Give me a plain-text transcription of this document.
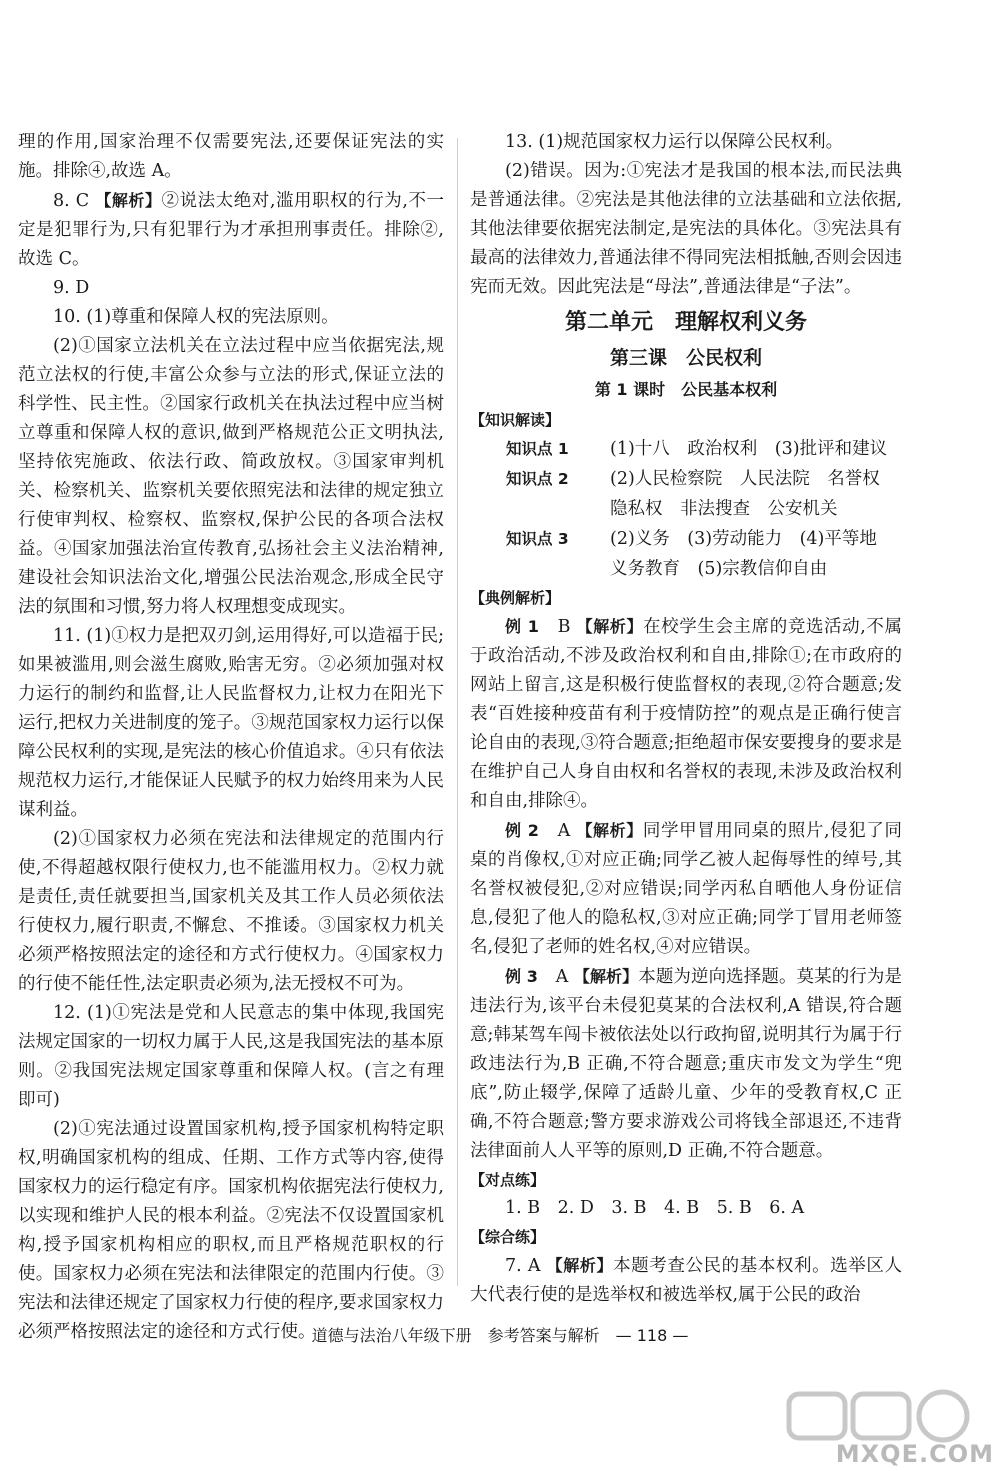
理的作用,国家治理不仅需要宪法,还要保证宪法的实施。排除④,故选 A。

8. C 【解析】②说法太绝对,滥用职权的行为,不一定是犯罪行为,只有犯罪行为才承担刑事责任。排除②,故选 C。

9. D

10. (1)尊重和保障人权的宪法原则。

(2)①国家立法机关在立法过程中应当依据宪法,规范立法权的行使,丰富公众参与立法的形式,保证立法的科学性、民主性。②国家行政机关在执法过程中应当树立尊重和保障人权的意识,做到严格规范公正文明执法,坚持依宪施政、依法行政、简政放权。③国家审判机关、检察机关、监察机关要依照宪法和法律的规定独立行使审判权、检察权、监察权,保护公民的各项合法权益。④国家加强法治宣传教育,弘扬社会主义法治精神,建设社会知识法治文化,增强公民法治观念,形成全民守法的氛围和习惯,努力将人权理想变成现实。

11. (1)①权力是把双刃剑,运用得好,可以造福于民;如果被滥用,则会滋生腐败,贻害无穷。②必须加强对权力运行的制约和监督,让人民监督权力,让权力在阳光下运行,把权力关进制度的笼子。③规范国家权力运行以保障公民权利的实现,是宪法的核心价值追求。④只有依法规范权力运行,才能保证人民赋予的权力始终用来为人民谋利益。

(2)①国家权力必须在宪法和法律规定的范围内行使,不得超越权限行使权力,也不能滥用权力。②权力就是责任,责任就要担当,国家机关及其工作人员必须依法行使权力,履行职责,不懈怠、不推诿。③国家权力机关必须严格按照法定的途径和方式行使权力。④国家权力的行使不能任性,法定职责必须为,法无授权不可为。

12. (1)①宪法是党和人民意志的集中体现,我国宪法规定国家的一切权力属于人民,这是我国宪法的基本原则。②我国宪法规定国家尊重和保障人权。(言之有理即可)

(2)①宪法通过设置国家机构,授予国家机构特定职权,明确国家机构的组成、任期、工作方式等内容,使得国家权力的运行稳定有序。国家机构依据宪法行使权力,以实现和维护人民的根本利益。②宪法不仅设置国家机构,授予国家机构相应的职权,而且严格规范职权的行使。国家权力必须在宪法和法律限定的范围内行使。③宪法和法律还规定了国家权力行使的程序,要求国家权力必须严格按照法定的途径和方式行使。

13. (1)规范国家权力运行以保障公民权利。

(2)错误。因为:①宪法才是我国的根本法,而民法典是普通法律。②宪法是其他法律的立法基础和立法依据,其他法律要依据宪法制定,是宪法的具体化。③宪法具有最高的法律效力,普通法律不得同宪法相抵触,否则会因违宪而无效。因此宪法是“母法”,普通法律是“子法”。

第二单元　理解权利义务
第三课　公民权利
第 1 课时　公民基本权利
【知识解读】
知识点 1	(1)十八　政治权利　(3)批评和建议
知识点 2	(2)人民检察院　人民法院　名誉权
隐私权　非法搜查　公安机关
知识点 3	(2)义务　(3)劳动能力　(4)平等地
义务教育　(5)宗教信仰自由
【典例解析】

例 1　 B 【解析】在校学生会主席的竞选活动,不属于政治活动,不涉及政治权利和自由,排除①;在市政府的网站上留言,这是积极行使监督权的表现,②符合题意;发表“百姓接种疫苗有利于疫情防控”的观点是正确行使言论自由的表现,③符合题意;拒绝超市保安要搜身的要求是在维护自己人身自由权和名誉权的表现,未涉及政治权利和自由,排除④。

例 2　 A 【解析】同学甲冒用同桌的照片,侵犯了同桌的肖像权,①对应正确;同学乙被人起侮辱性的绰号,其名誉权被侵犯,②对应错误;同学丙私自晒他人身份证信息,侵犯了他人的隐私权,③对应正确;同学丁冒用老师签名,侵犯了老师的姓名权,④对应错误。

例 3　 A 【解析】本题为逆向选择题。莫某的行为是违法行为,该平台未侵犯莫某的合法权利,A 错误,符合题意;韩某驾车闯卡被依法处以行政拘留,说明其行为属于行政违法行为,B 正确,不符合题意;重庆市发文为学生“兜底”,防止辍学,保障了适龄儿童、少年的受教育权,C 正确,不符合题意;警方要求游戏公司将钱全部退还,不违背法律面前人人平等的原则,D 正确,不符合题意。

【对点练】

1. B　2. D　3. B　4. B　5. B　6. A

【综合练】

7. A 【解析】本题考查公民的基本权利。选举区人大代表行使的是选举权和被选举权,属于公民的政治

道德与法治八年级下册　参考答案与解析　— 118 —
MXQE.COM
